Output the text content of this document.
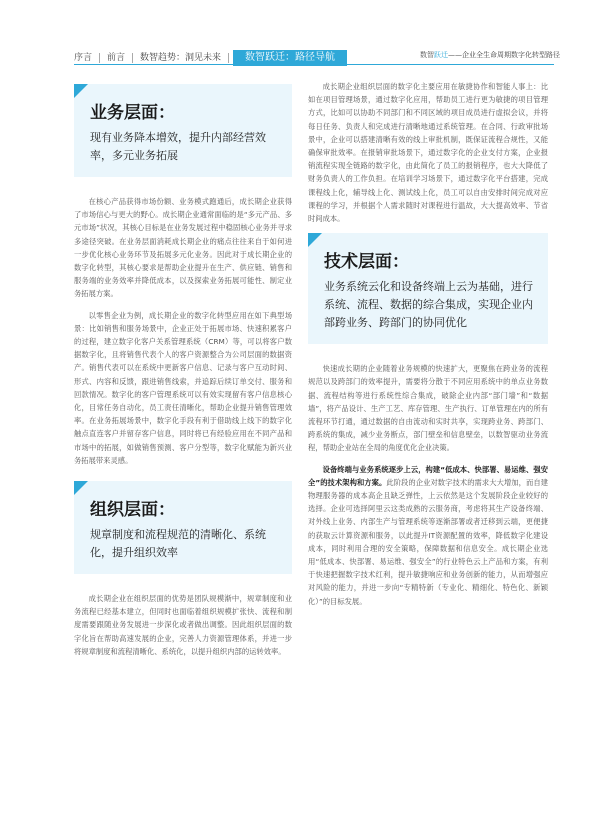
序言	前言	数智趋势：洞见未来	数智跃迁：路径导航	数智跃迁——企业全生命周期数字化转型路径
业务层面：

现有业务降本增效，提升内部经营效率，多元业务拓展

在核心产品获得市场份额、业务模式跑通后，成长期企业获得了市场信心与更大的野心。成长期企业通常面临的是“多元产品、多元市场”状况，其核心目标是在业务发展过程中稳固核心业务并寻求多途径突破。在业务层面消耗成长期企业的痛点往往来自于如何进一步优化核心业务环节及拓展多元化业务。因此对于成长期企业的数字化转型，其核心要求是帮助企业提升在生产、供应链、销售和服务端的业务效率并降低成本，以及探索业务拓展可能性、制定业务拓展方案。

以零售企业为例，成长期企业的数字化转型应用在如下典型场景：比如销售和服务场景中，企业正处于拓展市场、快速积累客户的过程，建立数字化客户关系管理系统（CRM）等，可以将客户数据数字化，且将销售代表个人的客户资源整合为公司层面的数据资产。销售代表可以在系统中更新客户信息、记录与客户互动时间、形式、内容和反馈，跟进销售线索，并追踪后续订单交付、服务和回款情况。数字化的客户管理系统可以有效实现留有客户信息核心化，目常任务自动化，员工责任清晰化，帮助企业提升销售管理效率。在业务拓展场景中，数字化手段有利于借助线上线下的数字化触点直连客户并留存客户信息，同时将已有经验应用在不同产品和市场中的拓展，如做销售预测、客户分型等，数字化赋能为新兴业务拓展带来灵感。

组织层面：

规章制度和流程规范的清晰化、系统化，提升组织效率

成长期企业在组织层面的优势是团队规模渐中，规章制度和业务流程已经基本建立，但同时也面临着组织规模扩张快、流程和制度需要跟随业务发展进一步深化或者做出调整。因此组织层面的数字化旨在帮助高速发展的企业，完善人力资源管理体系，并进一步将规章制度和流程清晰化、系统化，以提升组织内部的运转效率。

成长期企业组织层面的数字化主要应用在敏捷协作和智能人事上：比如在项目管理场景，通过数字化应用，帮助员工进行更为敏捷的项目管理方式，比如可以协助不同部门和不同区域的项目成员进行虚拟会议，并将每日任务、负责人和完成进行清晰地通过系统管理。在合同、行政审批场景中，企业可以搭建清晰有效的线上审批机制，既保证流程合规性，又能确保审批效率。在报销审批场景下，通过数字化的企业支付方案，企业报销流程实现全链路的数字化，由此简化了员工的报销程序，也大大降低了财务负责人的工作负担。在培训学习场景下，通过数字化平台搭建，完成课程线上化，辅导线上化、测试线上化，员工可以自由安排时间完成对应课程的学习，并根据个人需求随时对课程进行温故，大大提高效率、节省时间成本。

技术层面：

业务系统云化和设备终端上云为基础，进行系统、流程、数据的综合集成，实现企业内部跨业务、跨部门的协同优化

快速成长期的企业随着业务规模的快速扩大，更聚焦在跨业务的流程规范以及跨部门的效率提升，需要将分散于不同应用系统中的单点业务数据、流程结构等进行系统性综合集成，破除企业内部“部门墙”和“数据墙”，将产品设计、生产工艺、库存管理、生产执行、订单管理在内的所有流程环节打通，通过数据的自由流动和实时共享，实现跨业务、跨部门、跨系统的集成，减少业务断点，部门壁垒和信息壁垒，以数智驱动业务流程，帮助企业站在全局的角度优化企业决策。

设备终端与业务系统逐步上云，构建“低成本、快部署、易运维、强安全”的技术架构和方案。此阶段的企业对数字技术的需求大大增加，而自建物理服务器的成本高企且缺乏弹性，上云依然是这个发展阶段企业较好的选择。企业可选择阿里云这类成熟的云服务商，考虑将其生产设备终端、对外线上业务、内部生产与管理系统等逐渐部署或者迁移到云端，更便捷的获取云计算资源和服务，以此提升IT资源配置的效率，降低数字化建设成本，同时利用合理的安全策略，保障数据和信息安全。成长期企业选用“低成本、快部署、易运维、强安全”的行业特色云上产品和方案，有利于快速把握数字技术红利，提升敏捷响应和业务创新的能力，从而增强应对风险的能力，并进一步向“专精特新（专业化、精细化、特色化、新颖化）”的目标发展。
